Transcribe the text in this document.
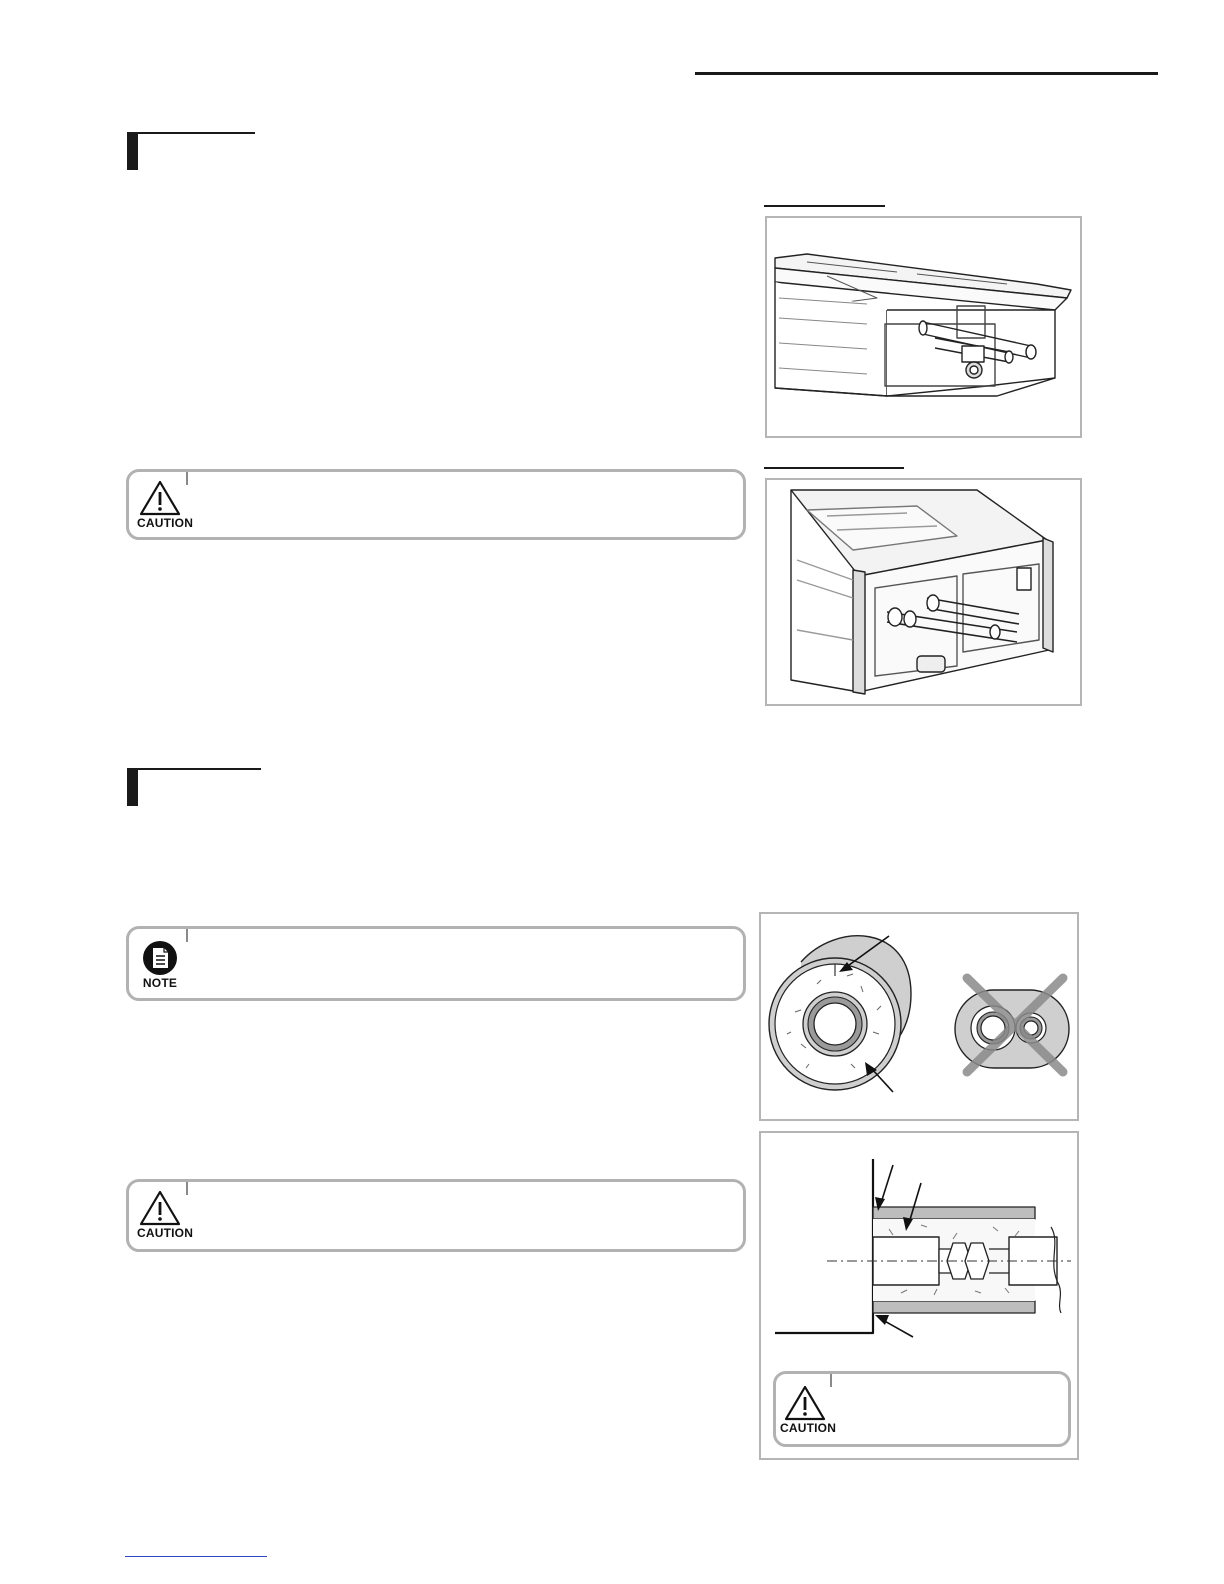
CAUTION
NOTE
CAUTION
CAUTION
